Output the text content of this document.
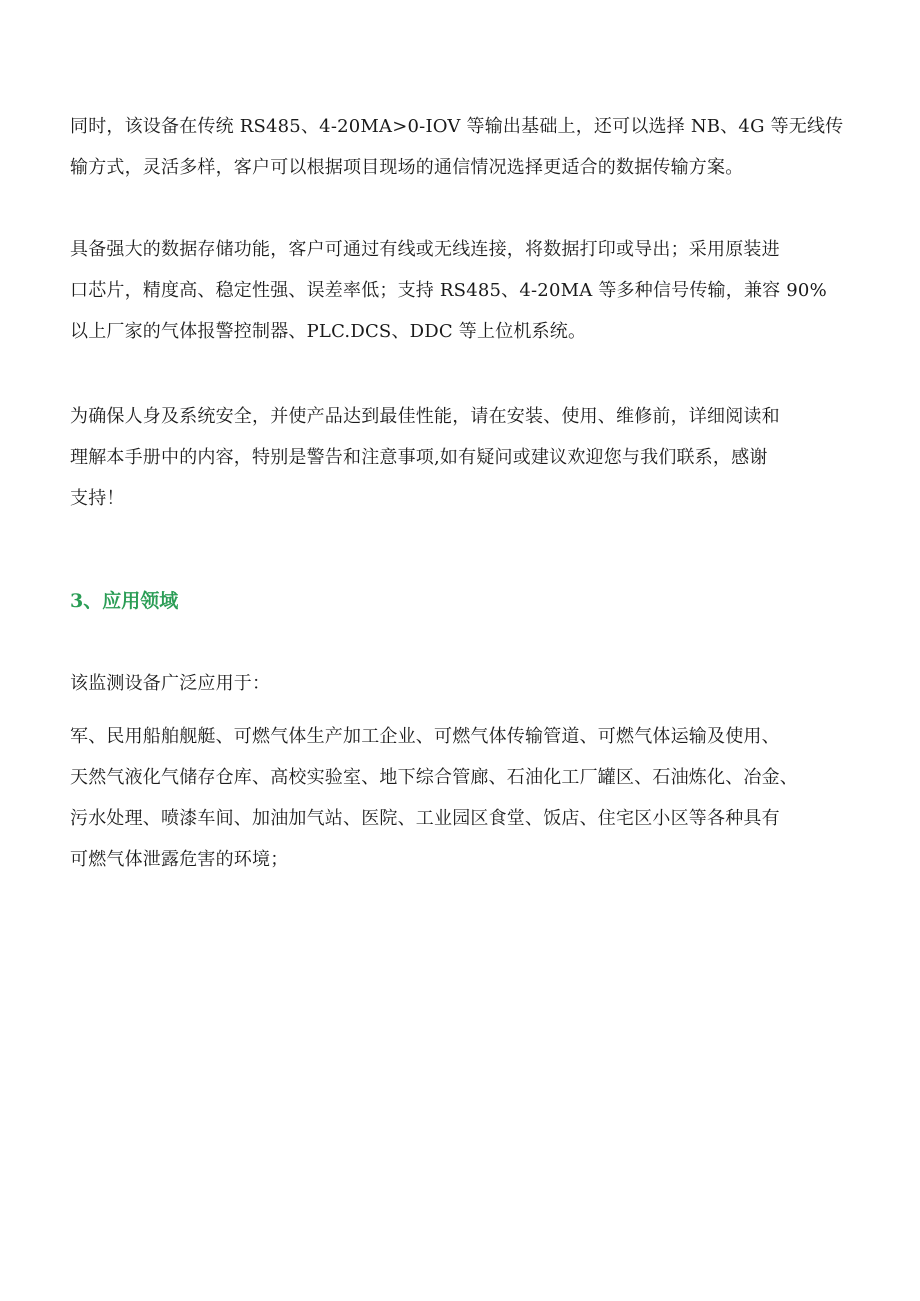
同时，该设备在传统 RS485、4-20MA>0-IOV 等输出基础上，还可以选择 NB、4G 等无线传
输方式，灵活多样，客户可以根据项目现场的通信情况选择更适合的数据传输方案。

具备强大的数据存储功能，客户可通过有线或无线连接，将数据打印或导出；采用原装进
口芯片，精度高、稳定性强、误差率低；支持 RS485、4-20MA 等多种信号传输，兼容 90%
以上厂家的气体报警控制器、PLC.DCS、DDC 等上位机系统。

为确保人身及系统安全，并使产品达到最佳性能，请在安装、使用、维修前，详细阅读和
理解本手册中的内容，特别是警告和注意事项,如有疑问或建议欢迎您与我们联系，感谢
支持！

3、应用领域

该监测设备广泛应用于：

军、民用船舶舰艇、可燃气体生产加工企业、可燃气体传输管道、可燃气体运输及使用、
天然气液化气储存仓库、高校实验室、地下综合管廊、石油化工厂罐区、石油炼化、冶金、
污水处理、喷漆车间、加油加气站、医院、工业园区食堂、饭店、住宅区小区等各种具有
可燃气体泄露危害的环境；
